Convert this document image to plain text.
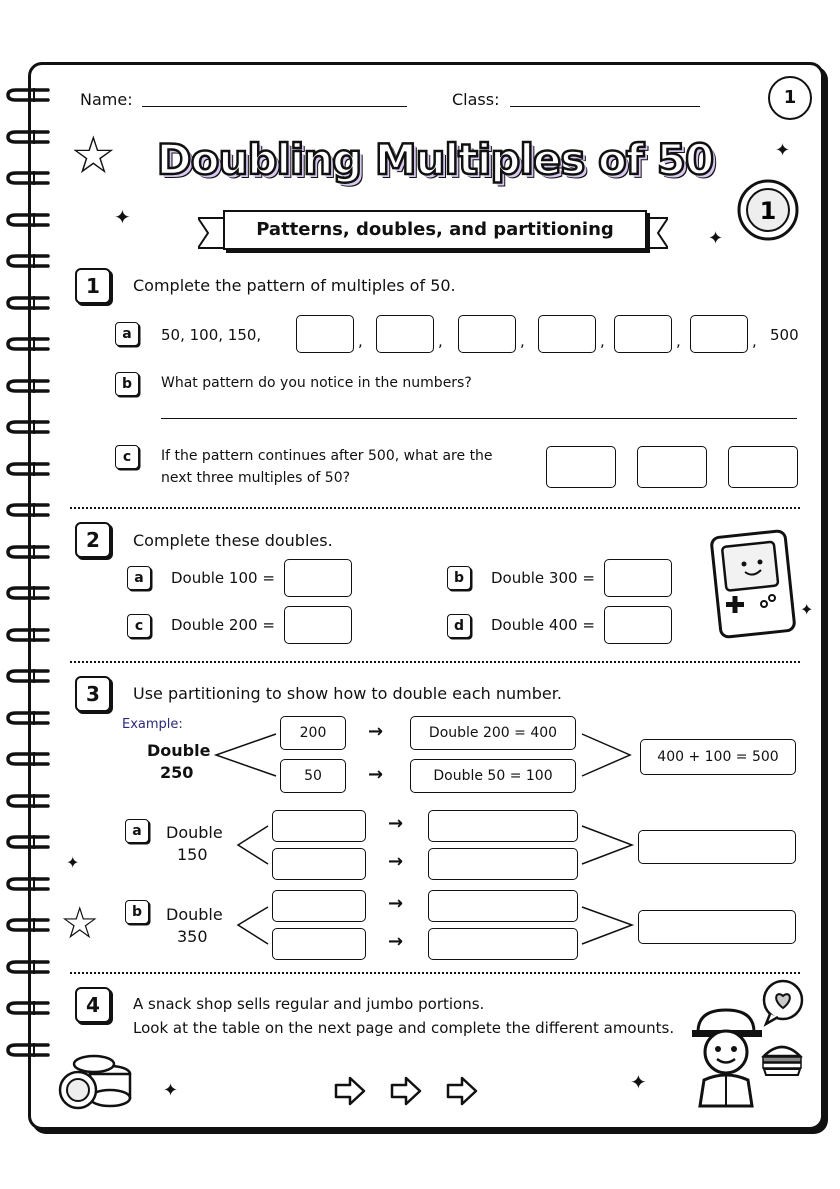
Name:	Class:	1
☆
✦
✦
✦
Doubling Multiples of 50
1
Patterns, doubles, and partitioning
1	Complete the pattern of multiples of 50.
a	50, 100, 150,	,	,	,	,	,	, 500
b	What pattern do you notice in the numbers?
c	If the pattern continues after 500, what are the
next three multiples of 50?
2	Complete these doubles.
a	Double 100 =	b	Double 300 =
c	Double 200 =	d	Double 400 =
✦
3	Use partitioning to show how to double each number.
Example:
Double
250
200
50
→
→
Double 200 = 400
Double 50 = 100
400 + 100 = 500
a	Double
150
→
→
✦
b	Double
350
→
→
☆
4	A snack shop sells regular and jumbo portions.
Look at the table on the next page and complete the different amounts.
✦	✦
